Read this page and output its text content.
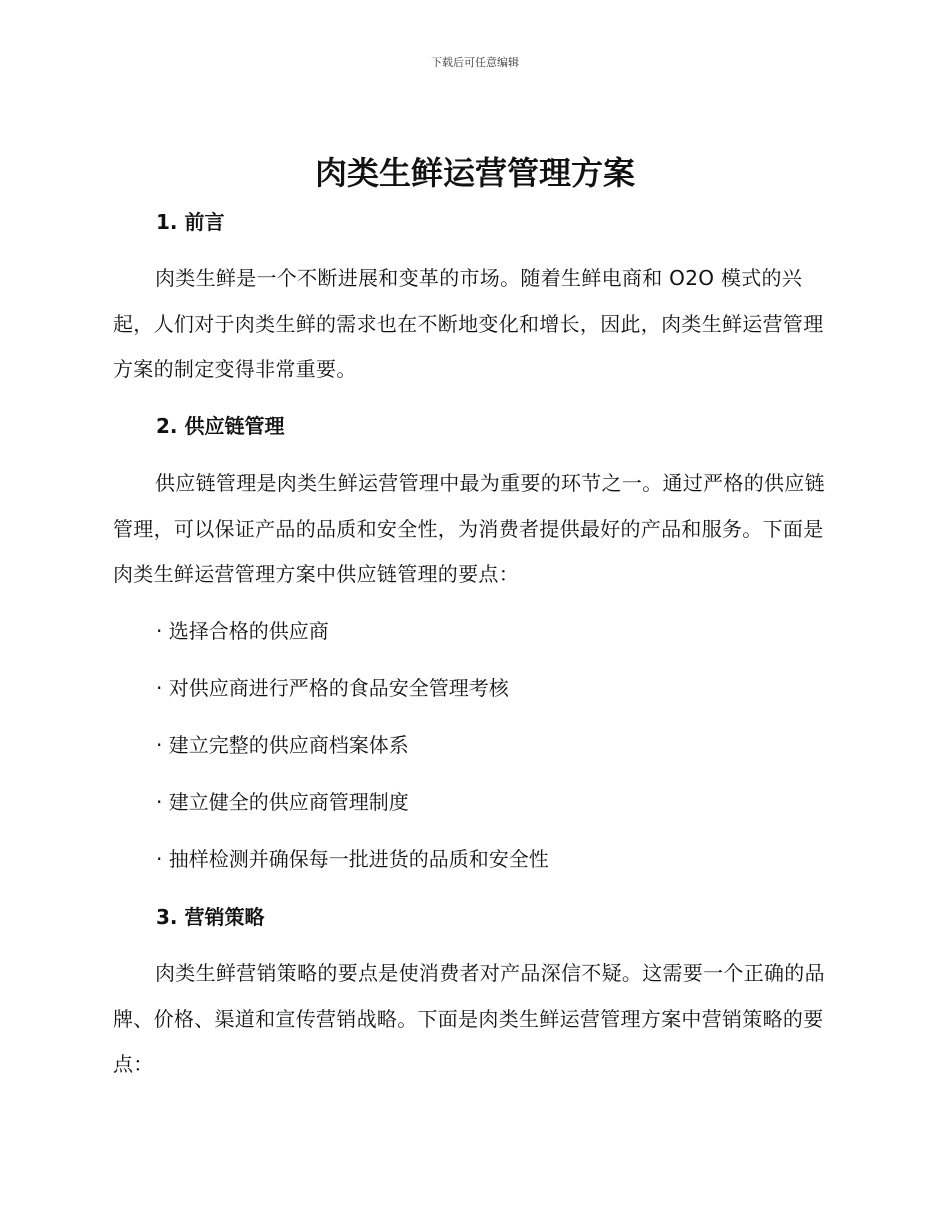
下载后可任意编辑
肉类生鲜运营管理方案
1. 前言

肉类生鲜是一个不断进展和变革的市场。随着生鲜电商和 O2O 模式的兴起，人们对于肉类生鲜的需求也在不断地变化和增长，因此，肉类生鲜运营管理方案的制定变得非常重要。

2. 供应链管理

供应链管理是肉类生鲜运营管理中最为重要的环节之一。通过严格的供应链管理，可以保证产品的品质和安全性，为消费者提供最好的产品和服务。下面是肉类生鲜运营管理方案中供应链管理的要点：

· 选择合格的供应商

· 对供应商进行严格的食品安全管理考核

· 建立完整的供应商档案体系

· 建立健全的供应商管理制度

· 抽样检测并确保每一批进货的品质和安全性

3. 营销策略

肉类生鲜营销策略的要点是使消费者对产品深信不疑。这需要一个正确的品牌、价格、渠道和宣传营销战略。下面是肉类生鲜运营管理方案中营销策略的要点：
